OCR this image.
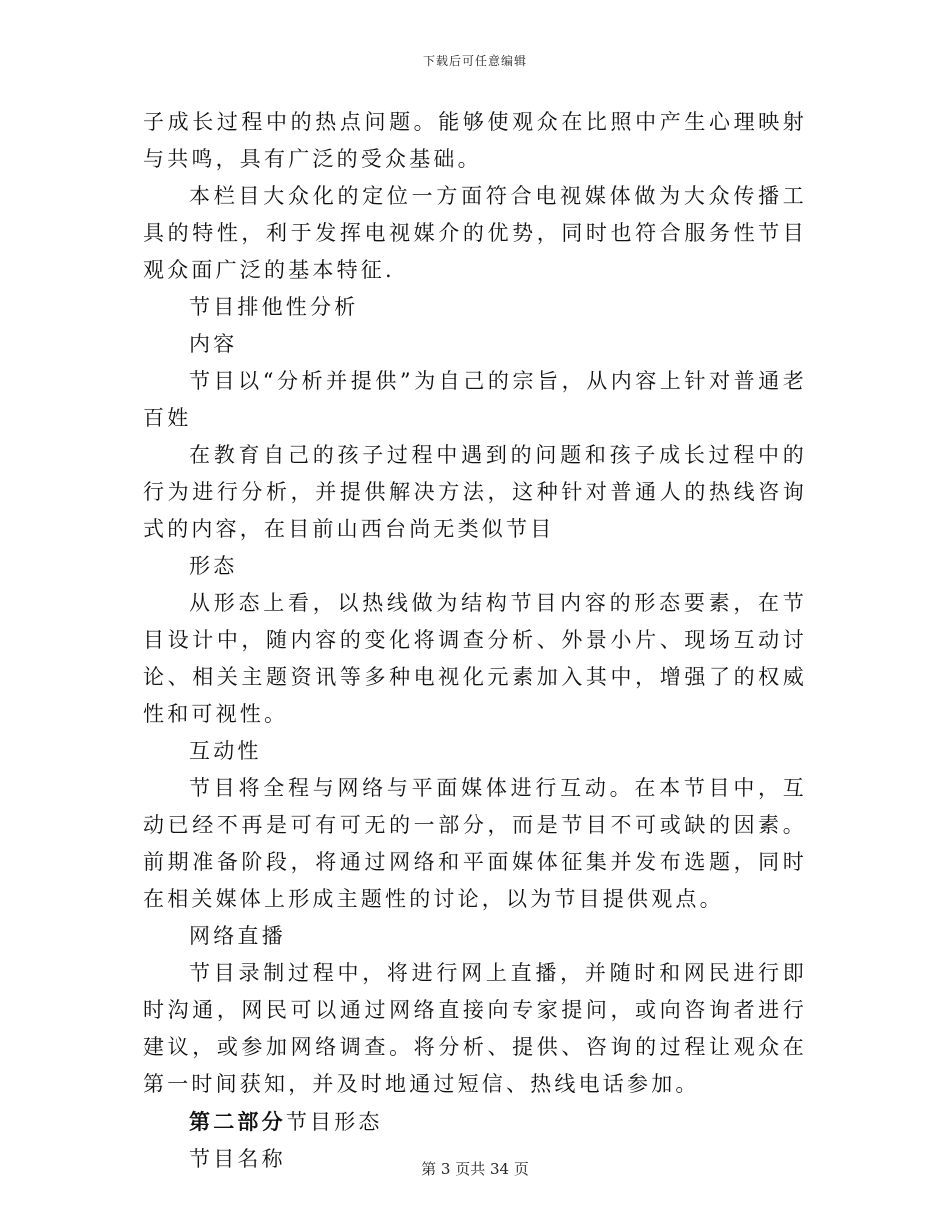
下载后可任意编辑

子成长过程中的热点问题。能够使观众在比照中产生心理映射与共鸣，具有广泛的受众基础。

本栏目大众化的定位一方面符合电视媒体做为大众传播工具的特性，利于发挥电视媒介的优势，同时也符合服务性节目观众面广泛的基本特征.

节目排他性分析

内容

节目以“分析并提供”为自己的宗旨，从内容上针对普通老百姓

在教育自己的孩子过程中遇到的问题和孩子成长过程中的行为进行分析，并提供解决方法，这种针对普通人的热线咨询式的内容，在目前山西台尚无类似节目

形态

从形态上看，以热线做为结构节目内容的形态要素，在节目设计中，随内容的变化将调查分析、外景小片、现场互动讨论、相关主题资讯等多种电视化元素加入其中，增强了的权威性和可视性。

互动性

节目将全程与网络与平面媒体进行互动。在本节目中，互动已经不再是可有可无的一部分，而是节目不可或缺的因素。前期准备阶段，将通过网络和平面媒体征集并发布选题，同时在相关媒体上形成主题性的讨论，以为节目提供观点。

网络直播

节目录制过程中，将进行网上直播，并随时和网民进行即时沟通，网民可以通过网络直接向专家提问，或向咨询者进行建议，或参加网络调查。将分析、提供、咨询的过程让观众在第一时间获知，并及时地通过短信、热线电话参加。

第二部分节目形态

节目名称	第 3 页共 34 页
